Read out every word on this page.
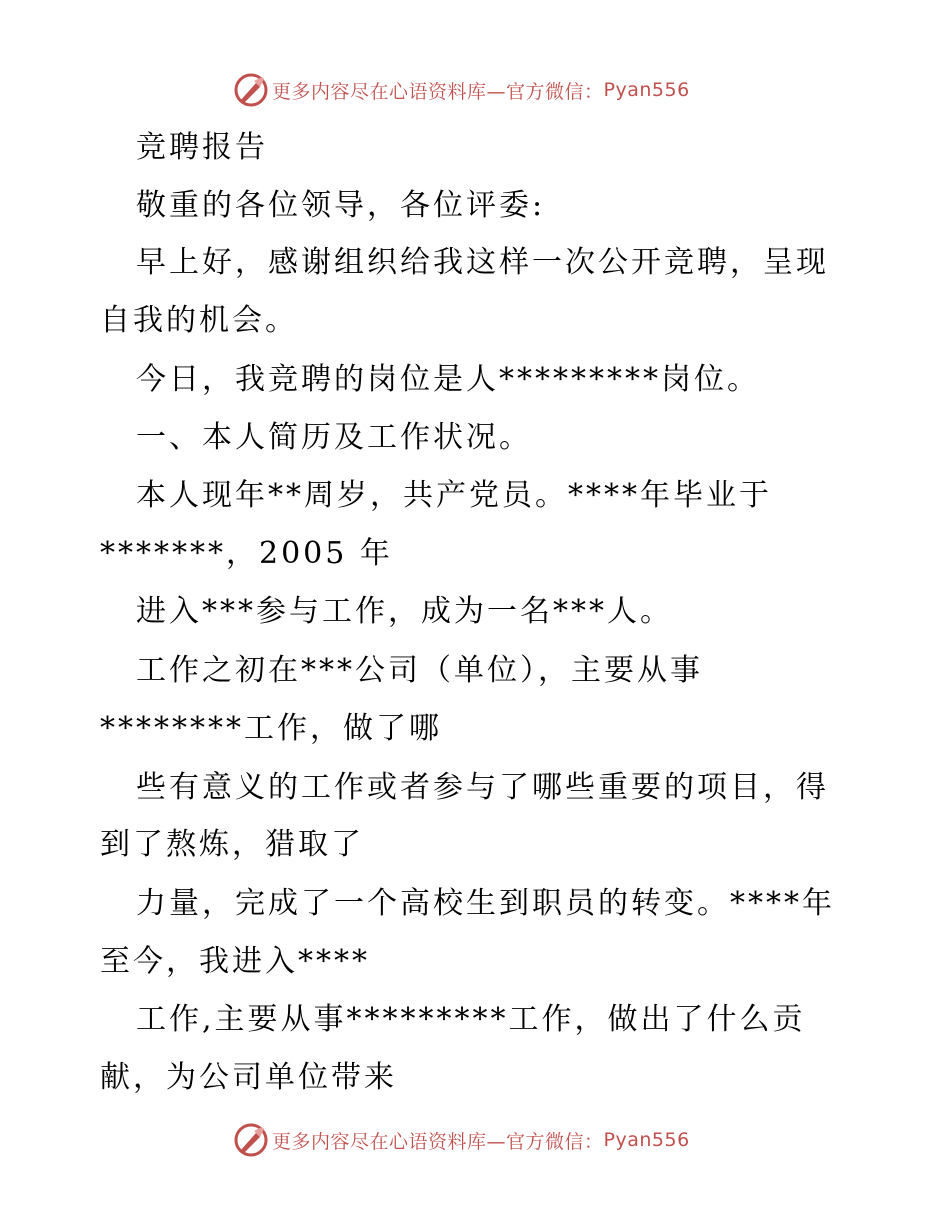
更多内容尽在心语资料库—官方微信： Pyan556
竞聘报告
敬重的各位领导，各位评委:
早上好，感谢组织给我这样一次公开竞聘，呈现
自我的机会。
今日，我竞聘的岗位是人*********岗位。
一、本人简历及工作状况。
本人现年**周岁，共产党员。****年毕业于
*******，2005 年
进入***参与工作，成为一名***人。
工作之初在***公司（单位），主要从事
********工作，做了哪
些有意义的工作或者参与了哪些重要的项目，得
到了熬炼，猎取了
力量，完成了一个高校生到职员的转变。****年
至今，我进入****
工作,主要从事*********工作，做出了什么贡
献，为公司单位带来
更多内容尽在心语资料库—官方微信： Pyan556
